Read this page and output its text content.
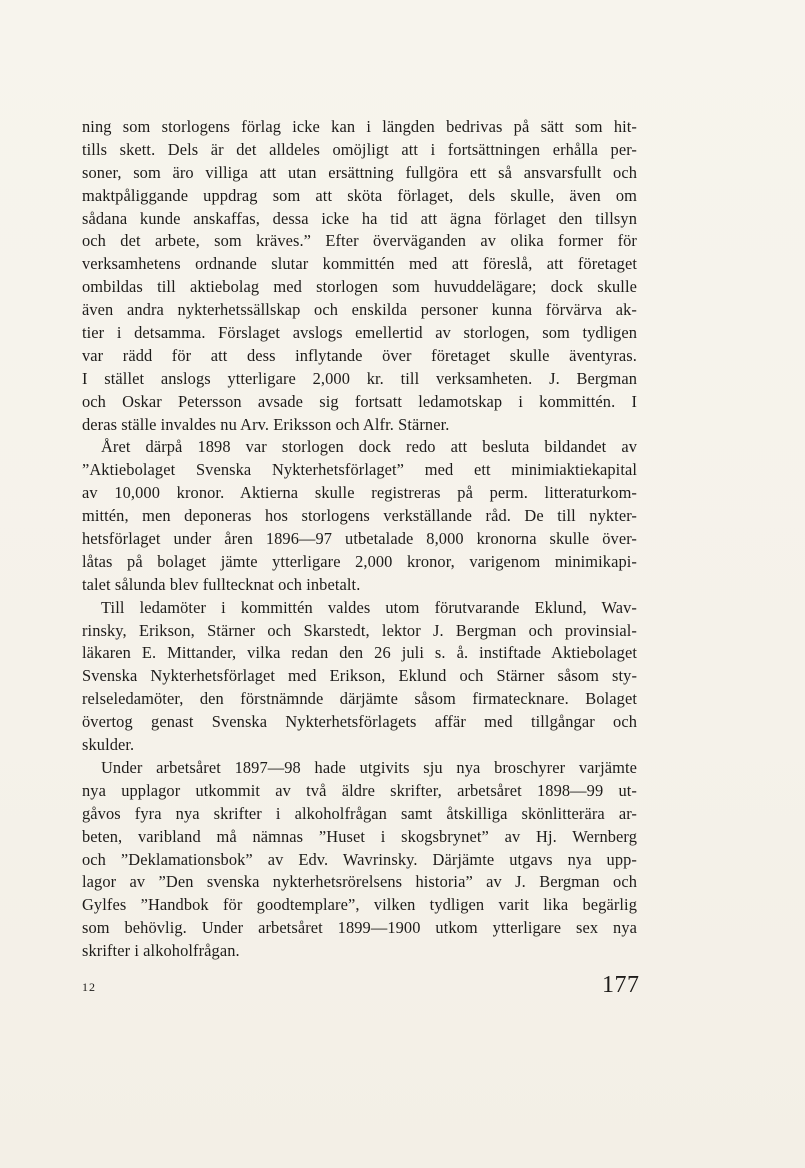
ning som storlogens förlag icke kan i längden bedrivas på sätt som hit-
tills skett. Dels är det alldeles omöjligt att i fortsättningen erhålla per-
soner, som äro villiga att utan ersättning fullgöra ett så ansvarsfullt och
maktpåliggande uppdrag som att sköta förlaget, dels skulle, även om
sådana kunde anskaffas, dessa icke ha tid att ägna förlaget den tillsyn
och det arbete, som kräves.” Efter överväganden av olika former för
verksamhetens ordnande slutar kommittén med att föreslå, att företaget
ombildas till aktiebolag med storlogen som huvuddelägare; dock skulle
även andra nykterhetssällskap och enskilda personer kunna förvärva ak-
tier i detsamma. Förslaget avslogs emellertid av storlogen, som tydligen
var rädd för att dess inflytande över företaget skulle äventyras.
I stället anslogs ytterligare 2,000 kr. till verksamheten. J. Bergman
och Oskar Petersson avsade sig fortsatt ledamotskap i kommittén. I
deras ställe invaldes nu Arv. Eriksson och Alfr. Stärner.
Året därpå 1898 var storlogen dock redo att besluta bildandet av
”Aktiebolaget Svenska Nykterhetsförlaget” med ett minimiaktiekapital
av 10,000 kronor. Aktierna skulle registreras på perm. litteraturkom-
mittén, men deponeras hos storlogens verkställande råd. De till nykter-
hetsförlaget under åren 1896—97 utbetalade 8,000 kronorna skulle över-
låtas på bolaget jämte ytterligare 2,000 kronor, varigenom minimikapi-
talet sålunda blev fulltecknat och inbetalt.
Till ledamöter i kommittén valdes utom förutvarande Eklund, Wav-
rinsky, Erikson, Stärner och Skarstedt, lektor J. Bergman och provinsial-
läkaren E. Mittander, vilka redan den 26 juli s. å. instiftade Aktiebolaget
Svenska Nykterhetsförlaget med Erikson, Eklund och Stärner såsom sty-
relseledamöter, den förstnämnde därjämte såsom firmatecknare. Bolaget
övertog genast Svenska Nykterhetsförlagets affär med tillgångar och
skulder.
Under arbetsåret 1897—98 hade utgivits sju nya broschyrer varjämte
nya upplagor utkommit av två äldre skrifter, arbetsåret 1898—99 ut-
gåvos fyra nya skrifter i alkoholfrågan samt åtskilliga skönlitterära ar-
beten, varibland må nämnas ”Huset i skogsbrynet” av Hj. Wernberg
och ”Deklamationsbok” av Edv. Wavrinsky. Därjämte utgavs nya upp-
lagor av ”Den svenska nykterhetsrörelsens historia” av J. Bergman och
Gylfes ”Handbok för goodtemplare”, vilken tydligen varit lika begärlig
som behövlig. Under arbetsåret 1899—1900 utkom ytterligare sex nya
skrifter i alkoholfrågan.
12	177
